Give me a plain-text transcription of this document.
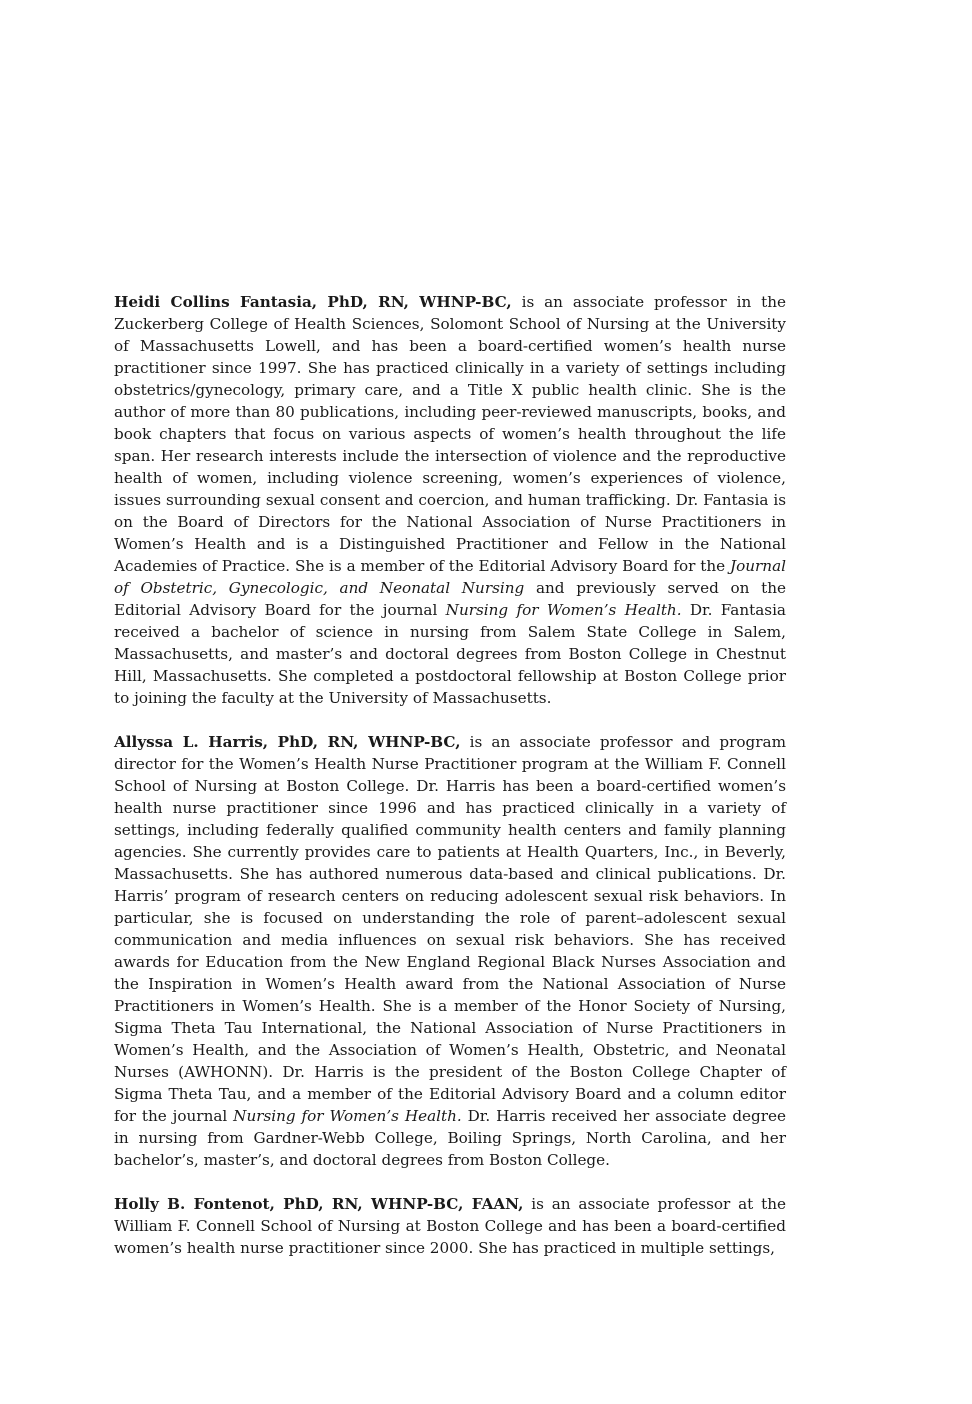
Heidi Collins Fantasia, PhD, RN, WHNP-BC, is an associate professor in the Zuckerberg College of Health Sciences, Solomont School of Nursing at the University of Massachusetts Lowell, and has been a board-certified women’s health nurse practitioner since 1997. She has practiced clinically in a variety of settings including obstetrics/gynecology, primary care, and a Title X public health clinic. She is the author of more than 80 publications, including peer-reviewed manuscripts, books, and book chapters that focus on various aspects of women’s health throughout the life span. Her research interests include the intersection of violence and the reproductive health of women, including violence screening, women’s experiences of violence, issues surrounding sexual consent and coercion, and human trafficking. Dr. Fantasia is on the Board of Directors for the National Association of Nurse Practitioners in Women’s Health and is a Distinguished Practitioner and Fellow in the National Academies of Practice. She is a member of the Editorial Advisory Board for the Journal of Obstetric, Gynecologic, and Neonatal Nursing and previously served on the Editorial Advisory Board for the journal Nursing for Women’s Health. Dr. Fantasia received a bachelor of science in nursing from Salem State College in Salem, Massachusetts, and master’s and doctoral degrees from Boston College in Chestnut Hill, Massachusetts. She completed a postdoctoral fellowship at Boston College prior to joining the faculty at the University of Massachusetts.

Allyssa L. Harris, PhD, RN, WHNP-BC, is an associate professor and program director for the Women’s Health Nurse Practitioner program at the William F. Connell School of Nursing at Boston College. Dr. Harris has been a board-certified women’s health nurse practitioner since 1996 and has practiced clinically in a variety of settings, including federally qualified community health centers and family planning agencies. She currently provides care to patients at Health Quarters, Inc., in Beverly, Massachusetts. She has authored numerous data-based and clinical publications. Dr. Harris’ program of research centers on reducing adolescent sexual risk behaviors. In particular, she is focused on understanding the role of parent–adolescent sexual communication and media influences on sexual risk behaviors. She has received awards for Education from the New England Regional Black Nurses Association and the Inspiration in Women’s Health award from the National Association of Nurse Practitioners in Women’s Health. She is a member of the Honor Society of Nursing, Sigma Theta Tau International, the National Association of Nurse Practitioners in Women’s Health, and the Association of Women’s Health, Obstetric, and Neonatal Nurses (AWHONN). Dr. Harris is the president of the Boston College Chapter of Sigma Theta Tau, and a member of the Editorial Advisory Board and a column editor for the journal Nursing for Women’s Health. Dr. Harris received her associate degree in nursing from Gardner-Webb College, Boiling Springs, North Carolina, and her bachelor’s, master’s, and doctoral degrees from Boston College.

Holly B. Fontenot, PhD, RN, WHNP-BC, FAAN, is an associate professor at the William F. Connell School of Nursing at Boston College and has been a board-certified women’s health nurse practitioner since 2000. She has practiced in multiple settings,
